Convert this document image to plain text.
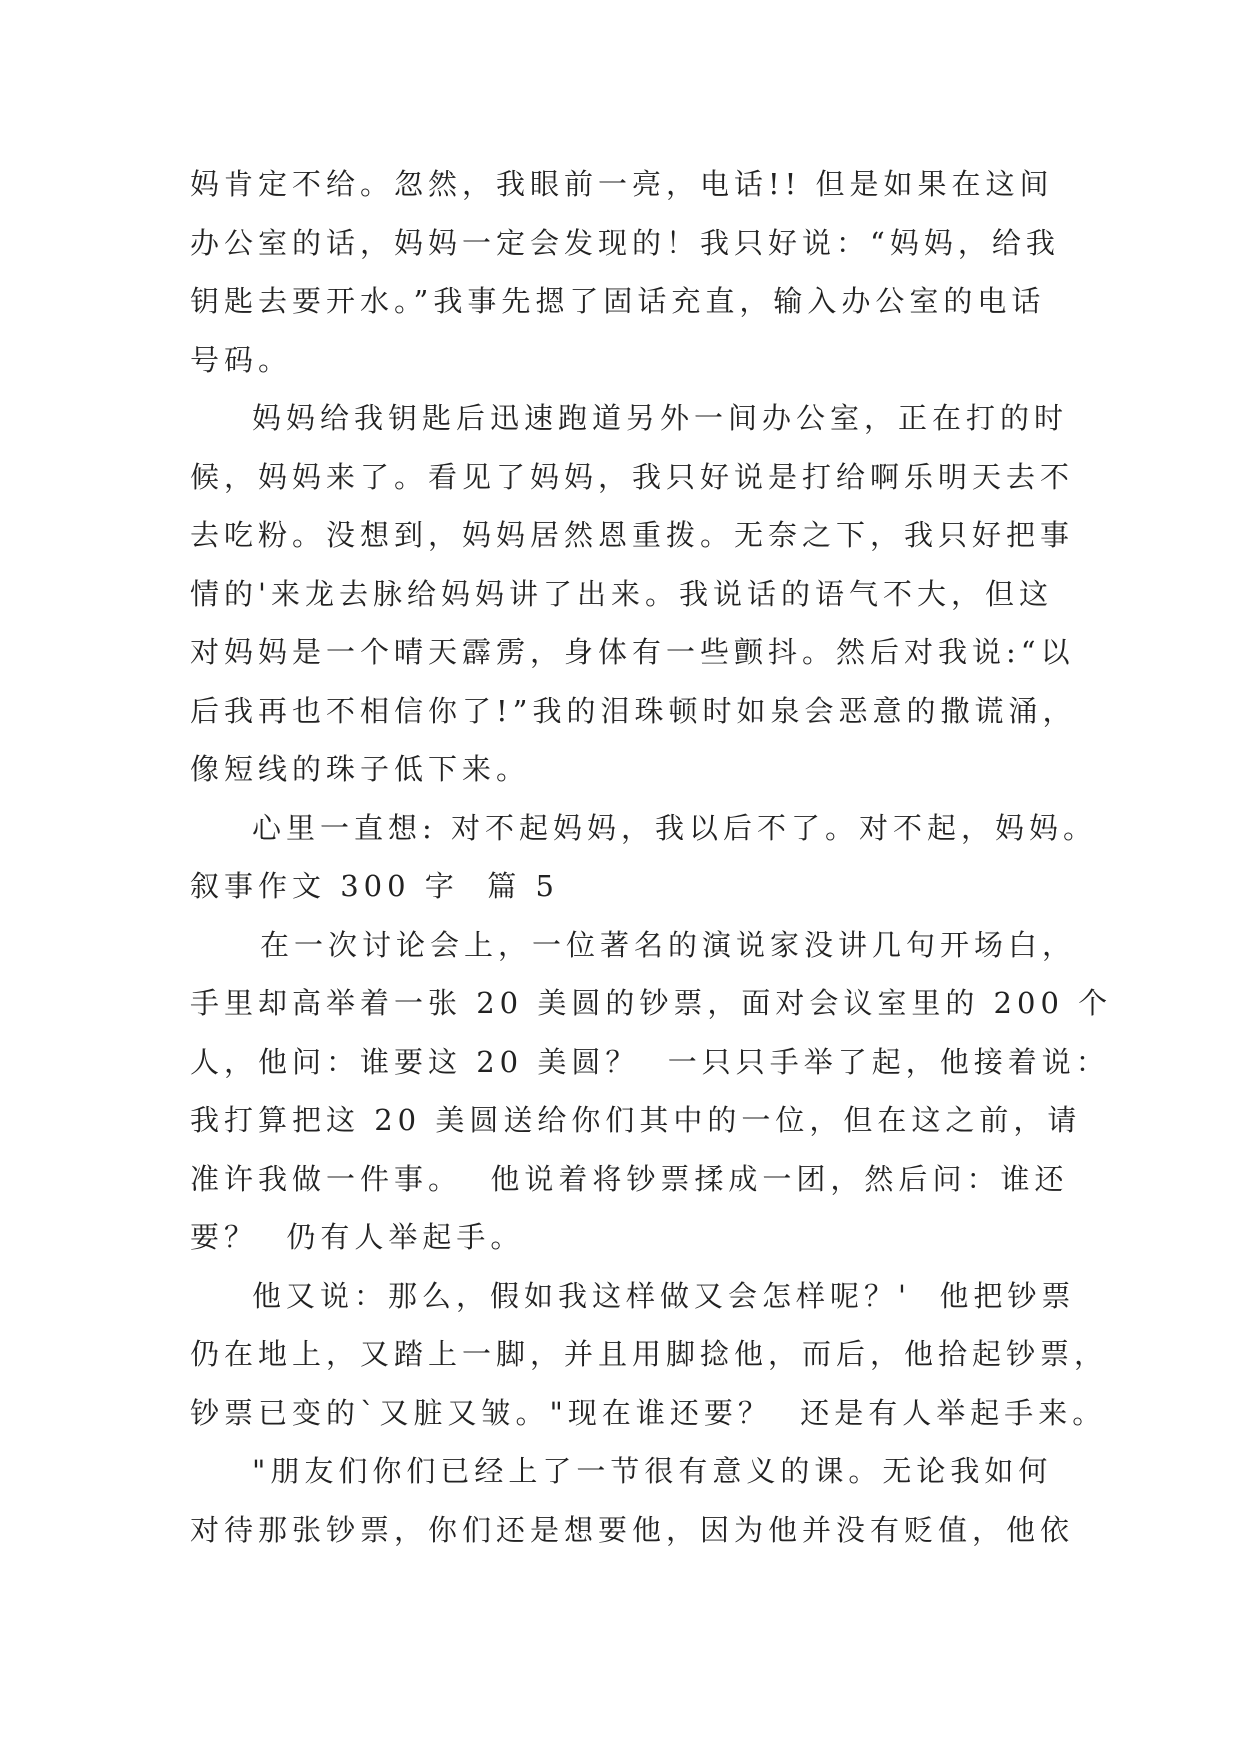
妈肯定不给。忽然，我眼前一亮，电话!! 但是如果在这间
办公室的话，妈妈一定会发现的！我只好说：“妈妈，给我
钥匙去要开水。”我事先摁了固话充直，输入办公室的电话
号码。
妈妈给我钥匙后迅速跑道另外一间办公室，正在打的时
候，妈妈来了。看见了妈妈，我只好说是打给啊乐明天去不
去吃粉。没想到，妈妈居然恩重拨。无奈之下，我只好把事
情的'来龙去脉给妈妈讲了出来。我说话的语气不大，但这
对妈妈是一个晴天霹雳，身体有一些颤抖。然后对我说:“以
后我再也不相信你了!”我的泪珠顿时如泉会恶意的撒谎涌，
像短线的珠子低下来。
心里一直想: 对不起妈妈，我以后不了。对不起，妈妈。
叙事作文 300 字  篇 5
在一次讨论会上，一位著名的演说家没讲几句开场白，
手里却高举着一张 20 美圆的钞票，面对会议室里的 200 个
人，他问：谁要这 20 美圆？  一只只手举了起，他接着说：
我打算把这 20 美圆送给你们其中的一位，但在这之前，请
准许我做一件事。  他说着将钞票揉成一团，然后问：谁还
要？  仍有人举起手。
他又说：那么，假如我这样做又会怎样呢？'  他把钞票
仍在地上，又踏上一脚，并且用脚捻他，而后，他拾起钞票，
钞票已变的`又脏又皱。"现在谁还要？  还是有人举起手来。
"朋友们你们已经上了一节很有意义的课。无论我如何
对待那张钞票，你们还是想要他，因为他并没有贬值，他依
